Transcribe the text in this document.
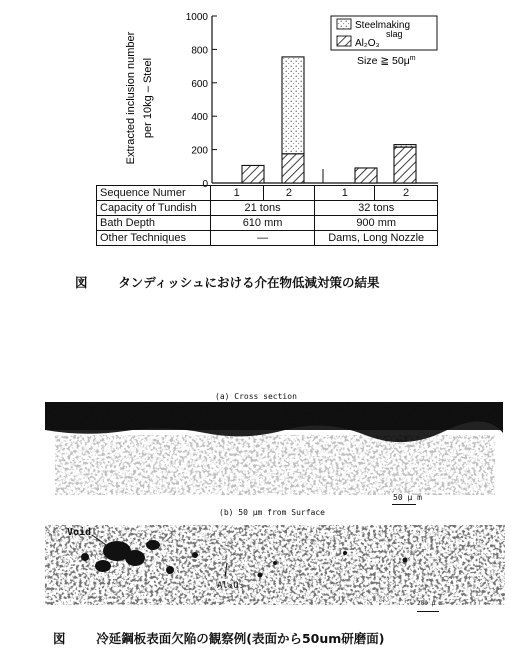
0
200
400
600
800
1000
Extracted inclusion number per 10kg – Steel
Steelmaking
slag
Al₂O₃
Size ≧ $50\mu^m$
Sequence Numer	1	2	1	2
Capacity of Tundish	21 tons		32 tons	
Bath Depth	610 mm		900 mm	
Other Techniques	—		Dams, Long Nozzle	
図 タンディッシュにおける介在物低減対策の結果
(a) Cross section
(b) 50 μm from Surface
50 μ m
Void
Al₂O₃
200 μ m
図 冷延鋼板表面欠陥の観察例(表面から50um研磨面)
